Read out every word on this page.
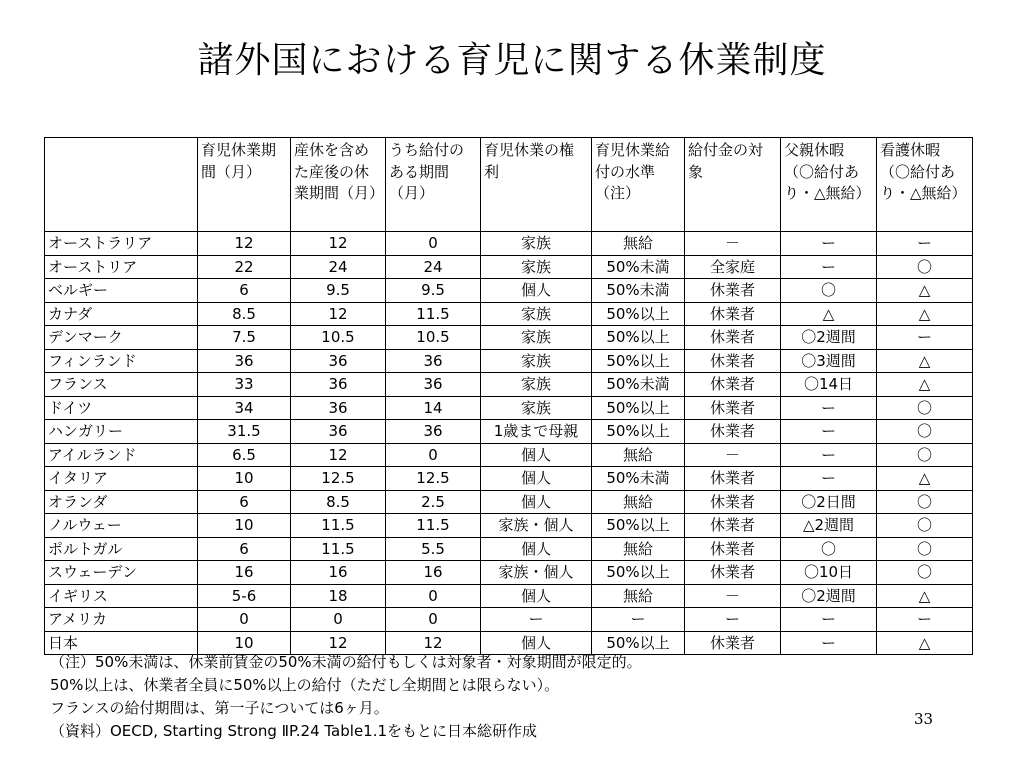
諸外国における育児に関する休業制度
	育児休業期間（月）	産休を含めた産後の休業期間（月）	うち給付のある期間（月）	育児休業の権利	育児休業給付の水準（注）	給付金の対象	父親休暇（〇給付あり・△無給）	看護休暇（〇給付あり・△無給）
オーストラリア	12	12	0	家族	無給	－	ー	ー
オーストリア	22	24	24	家族	50%未満	全家庭	ー	〇
ベルギー	6	9.5	9.5	個人	50%未満	休業者	〇	△
カナダ	8.5	12	11.5	家族	50%以上	休業者	△	△
デンマーク	7.5	10.5	10.5	家族	50%以上	休業者	〇2週間	ー
フィンランド	36	36	36	家族	50%以上	休業者	〇3週間	△
フランス	33	36	36	家族	50%未満	休業者	〇14日	△
ドイツ	34	36	14	家族	50%以上	休業者	ー	〇
ハンガリー	31.5	36	36	1歳まで母親	50%以上	休業者	ー	〇
アイルランド	6.5	12	0	個人	無給	－	ー	〇
イタリア	10	12.5	12.5	個人	50%未満	休業者	ー	△
オランダ	6	8.5	2.5	個人	無給	休業者	〇2日間	〇
ノルウェー	10	11.5	11.5	家族・個人	50%以上	休業者	△2週間	〇
ポルトガル	6	11.5	5.5	個人	無給	休業者	〇	〇
スウェーデン	16	16	16	家族・個人	50%以上	休業者	〇10日	〇
イギリス	5-6	18	0	個人	無給	－	〇2週間	△
アメリカ	0	0	0	ー	ー	ー	ー	ー
日本	10	12	12	個人	50%以上	休業者	ー	△
（注）50%未満は、休業前賃金の50%未満の給付もしくは対象者・対象期間が限定的。
50%以上は、休業者全員に50%以上の給付（ただし全期間とは限らない）。
フランスの給付期間は、第一子については6ヶ月。
（資料）OECD, Starting Strong ⅡP.24 Table1.1をもとに日本総研作成
33
